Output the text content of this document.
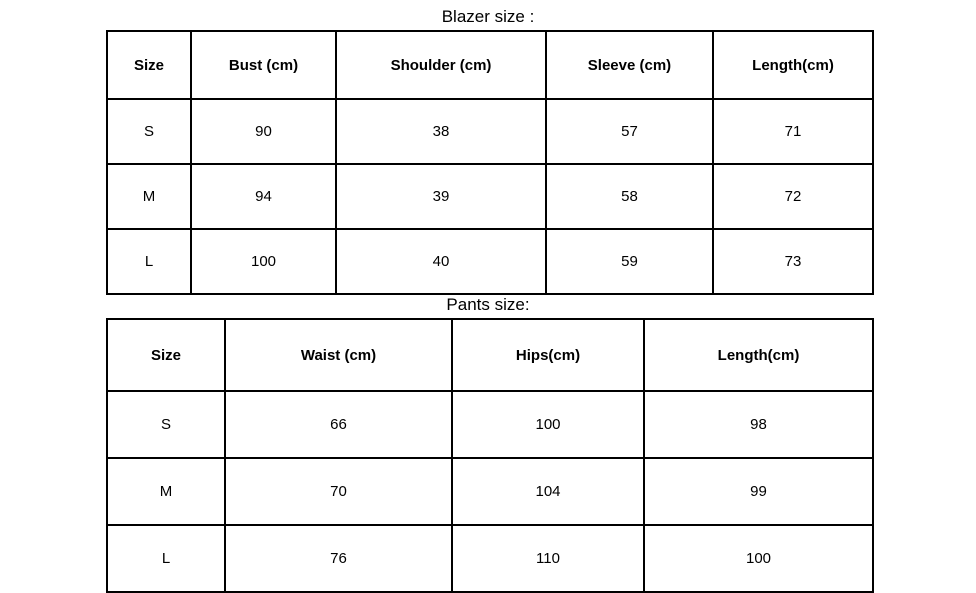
Blazer size :
Size	Bust (cm)	Shoulder (cm)	Sleeve (cm)	Length(cm)
S	90	38	57	71
M	94	39	58	72
L	100	40	59	73
Pants size:
Size	Waist (cm)	Hips(cm)	Length(cm)
S	66	100	98
M	70	104	99
L	76	110	100
